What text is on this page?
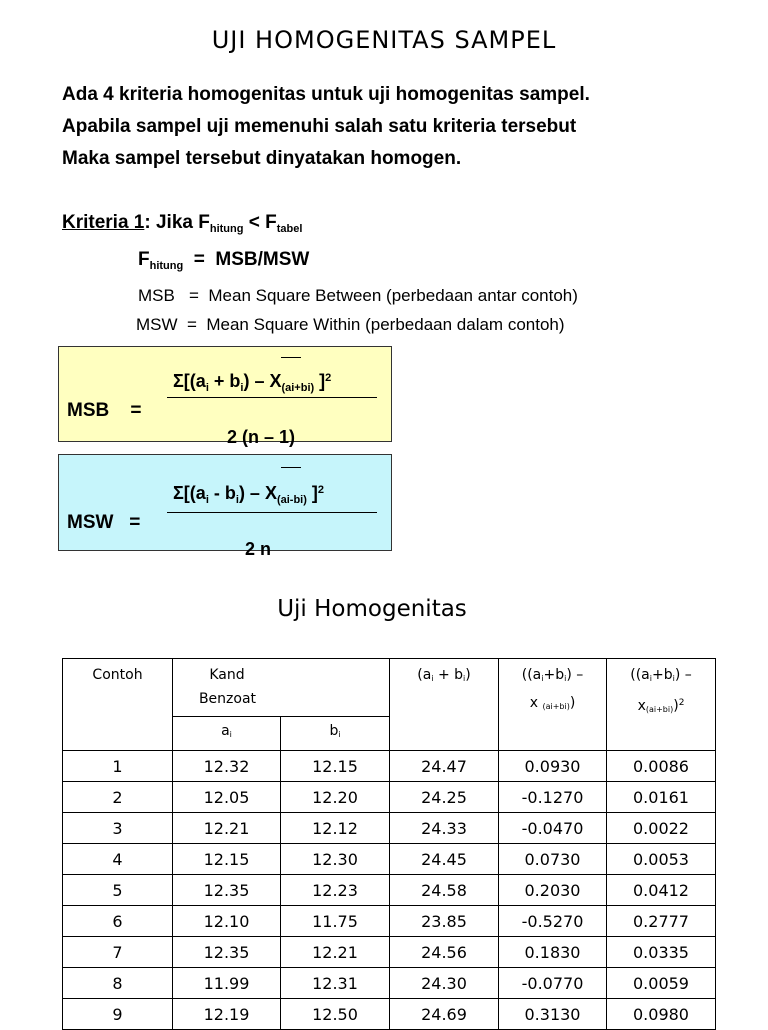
UJI HOMOGENITAS SAMPEL
Ada 4 kriteria homogenitas untuk uji homogenitas sampel.
Apabila sampel uji memenuhi salah satu kriteria tersebut
Maka sampel tersebut dinyatakan homogen.
Kriteria 1: Jika $F_{hitung} < F_{tabel}$
$F_{hitung} = MSB/MSW$
MSB   =  Mean Square Between (perbedaan antar contoh)
MSW  =  Mean Square Within (perbedaan dalam contoh)
$\Sigma[(a_i + b_i) - X_{(ai+bi)}$ ]$^2$
MSB    =
2 (n – 1)
$\Sigma[(a_i - b_i) - X_{(ai-bi)}$ ]$^2$
MSW   =
2 n
Uji Homogenitas
Contoh	KandBenzoat		(ai + bi)	((ai+bi) –
x (ai+bi))	((ai+bi) –
x(ai+bi))$^2$
	ai	bi			
1	12.32	12.15	24.47	0.0930	0.0086
2	12.05	12.20	24.25	-0.1270	0.0161
3	12.21	12.12	24.33	-0.0470	0.0022
4	12.15	12.30	24.45	0.0730	0.0053
5	12.35	12.23	24.58	0.2030	0.0412
6	12.10	11.75	23.85	-0.5270	0.2777
7	12.35	12.21	24.56	0.1830	0.0335
8	11.99	12.31	24.30	-0.0770	0.0059
9	12.19	12.50	24.69	0.3130	0.0980
